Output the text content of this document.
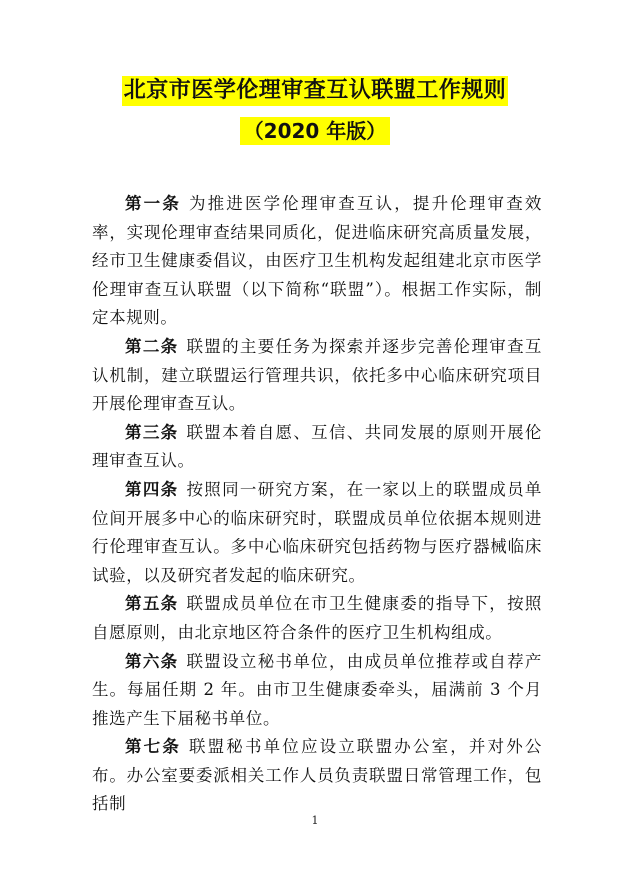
北京市医学伦理审查互认联盟工作规则
（2020 年版）

第一条 为推进医学伦理审查互认，提升伦理审查效率，实现伦理审查结果同质化，促进临床研究高质量发展，经市卫生健康委倡议，由医疗卫生机构发起组建北京市医学伦理审查互认联盟（以下简称“联盟”）。根据工作实际，制定本规则。

第二条 联盟的主要任务为探索并逐步完善伦理审查互认机制，建立联盟运行管理共识，依托多中心临床研究项目开展伦理审查互认。

第三条 联盟本着自愿、互信、共同发展的原则开展伦理审查互认。

第四条 按照同一研究方案，在一家以上的联盟成员单位间开展多中心的临床研究时，联盟成员单位依据本规则进行伦理审查互认。多中心临床研究包括药物与医疗器械临床试验，以及研究者发起的临床研究。

第五条 联盟成员单位在市卫生健康委的指导下，按照自愿原则，由北京地区符合条件的医疗卫生机构组成。

第六条 联盟设立秘书单位，由成员单位推荐或自荐产生。每届任期 2 年。由市卫生健康委牵头，届满前 3 个月推选产生下届秘书单位。

第七条 联盟秘书单位应设立联盟办公室，并对外公布。办公室要委派相关工作人员负责联盟日常管理工作，包括制

1
